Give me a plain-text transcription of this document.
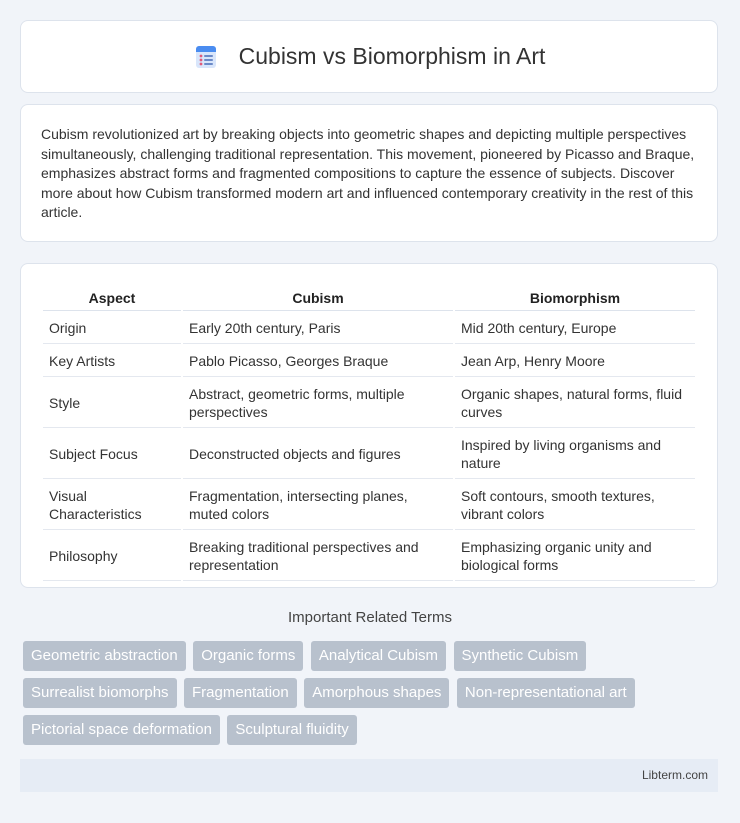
Cubism vs Biomorphism in Art

Cubism revolutionized art by breaking objects into geometric shapes and depicting multiple perspectives simultaneously, challenging traditional representation. This movement, pioneered by Picasso and Braque, emphasizes abstract forms and fragmented compositions to capture the essence of subjects. Discover more about how Cubism transformed modern art and influenced contemporary creativity in the rest of this article.

Aspect	Cubism	Biomorphism
Origin	Early 20th century, Paris	Mid 20th century, Europe
Key Artists	Pablo Picasso, Georges Braque	Jean Arp, Henry Moore
Style	Abstract, geometric forms, multiple perspectives	Organic shapes, natural forms, fluid curves
Subject Focus	Deconstructed objects and figures	Inspired by living organisms and nature
Visual Characteristics	Fragmentation, intersecting planes, muted colors	Soft contours, smooth textures, vibrant colors
Philosophy	Breaking traditional perspectives and representation	Emphasizing organic unity and biological forms
Important Related Terms
Geometric abstraction Organic forms Analytical Cubism Synthetic Cubism Surrealist biomorphs Fragmentation Amorphous shapes Non-representational art Pictorial space deformation Sculptural fluidity
Libterm.com
